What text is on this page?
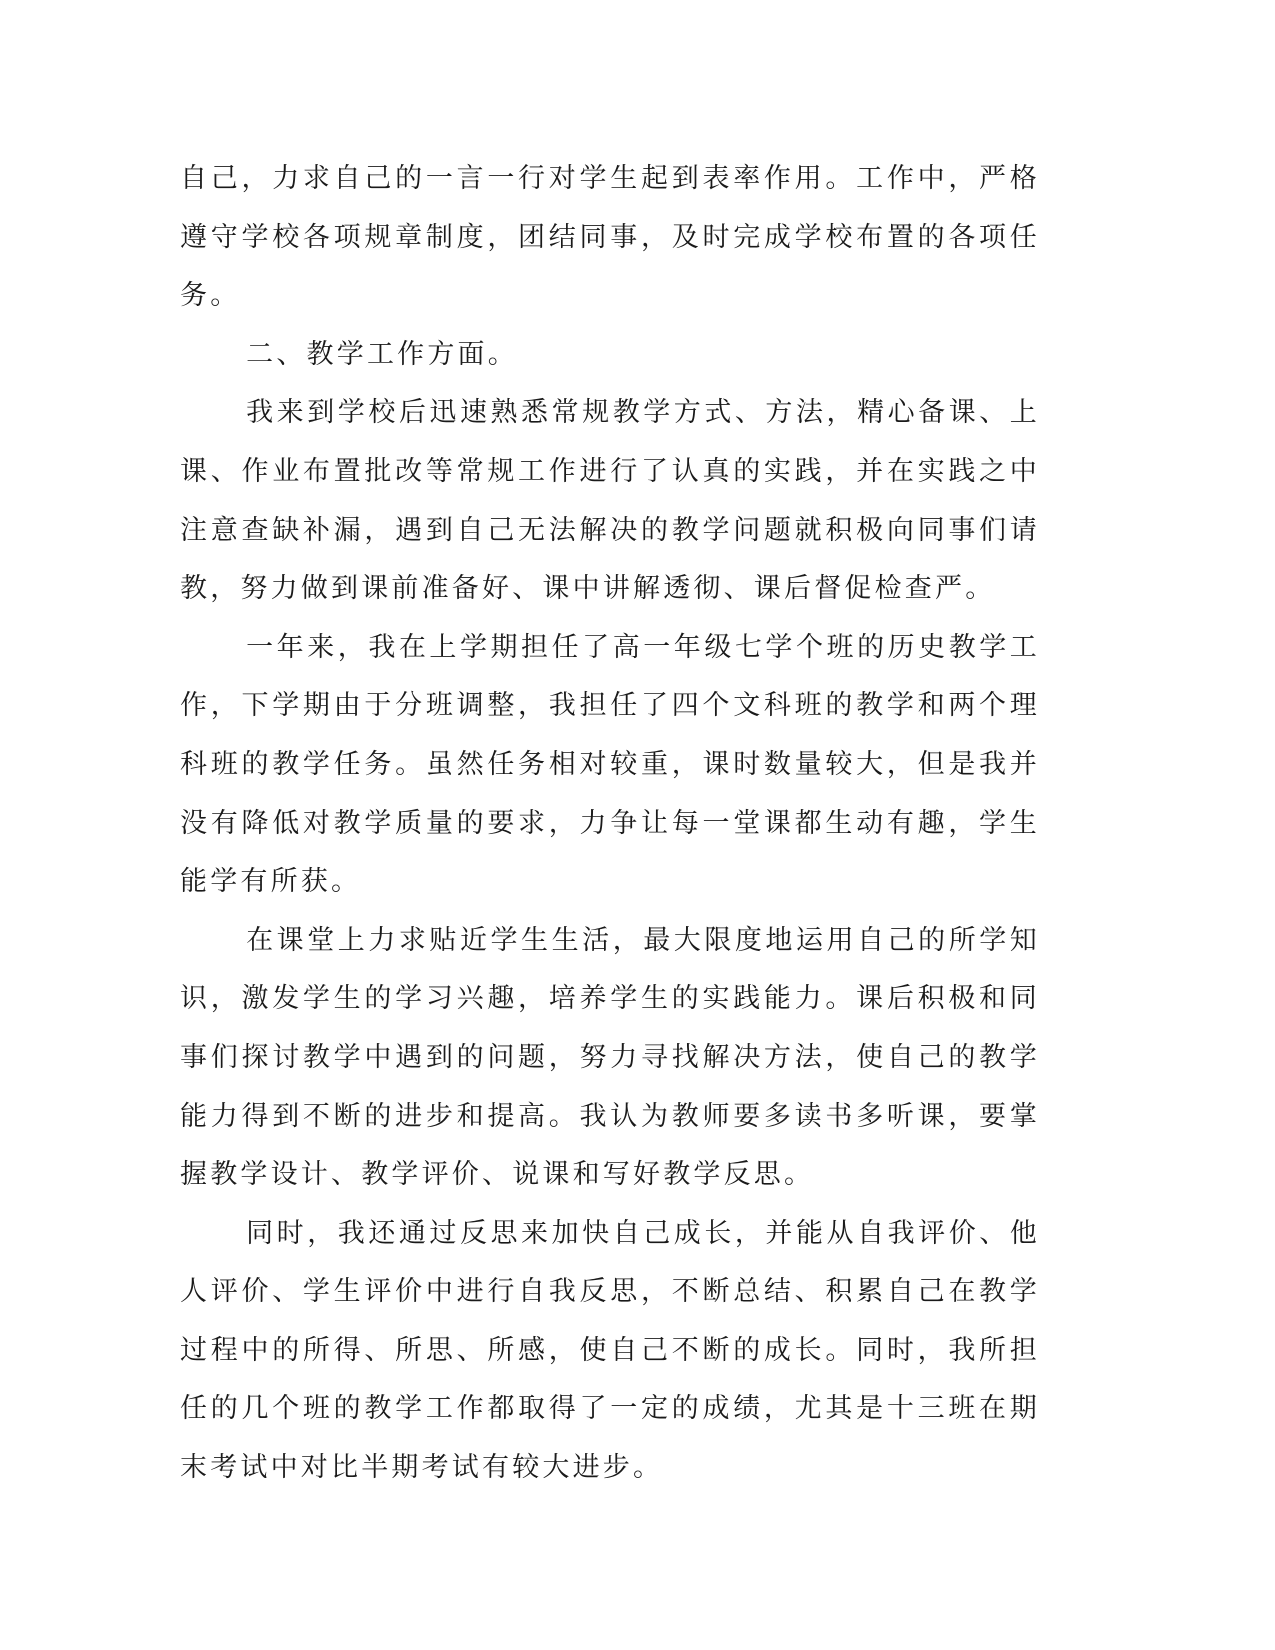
自己，力求自己的一言一行对学生起到表率作用。工作中，严格遵守学校各项规章制度，团结同事，及时完成学校布置的各项任务。

二、教学工作方面。

我来到学校后迅速熟悉常规教学方式、方法，精心备课、上课、作业布置批改等常规工作进行了认真的实践，并在实践之中注意查缺补漏，遇到自己无法解决的教学问题就积极向同事们请教，努力做到课前准备好、课中讲解透彻、课后督促检查严。

一年来，我在上学期担任了高一年级七学个班的历史教学工作，下学期由于分班调整，我担任了四个文科班的教学和两个理科班的教学任务。虽然任务相对较重，课时数量较大，但是我并没有降低对教学质量的要求，力争让每一堂课都生动有趣，学生能学有所获。

在课堂上力求贴近学生生活，最大限度地运用自己的所学知识，激发学生的学习兴趣，培养学生的实践能力。课后积极和同事们探讨教学中遇到的问题，努力寻找解决方法，使自己的教学能力得到不断的进步和提高。我认为教师要多读书多听课，要掌握教学设计、教学评价、说课和写好教学反思。

同时，我还通过反思来加快自己成长，并能从自我评价、他人评价、学生评价中进行自我反思，不断总结、积累自己在教学过程中的所得、所思、所感，使自己不断的成长。同时，我所担任的几个班的教学工作都取得了一定的成绩，尤其是十三班在期末考试中对比半期考试有较大进步。
